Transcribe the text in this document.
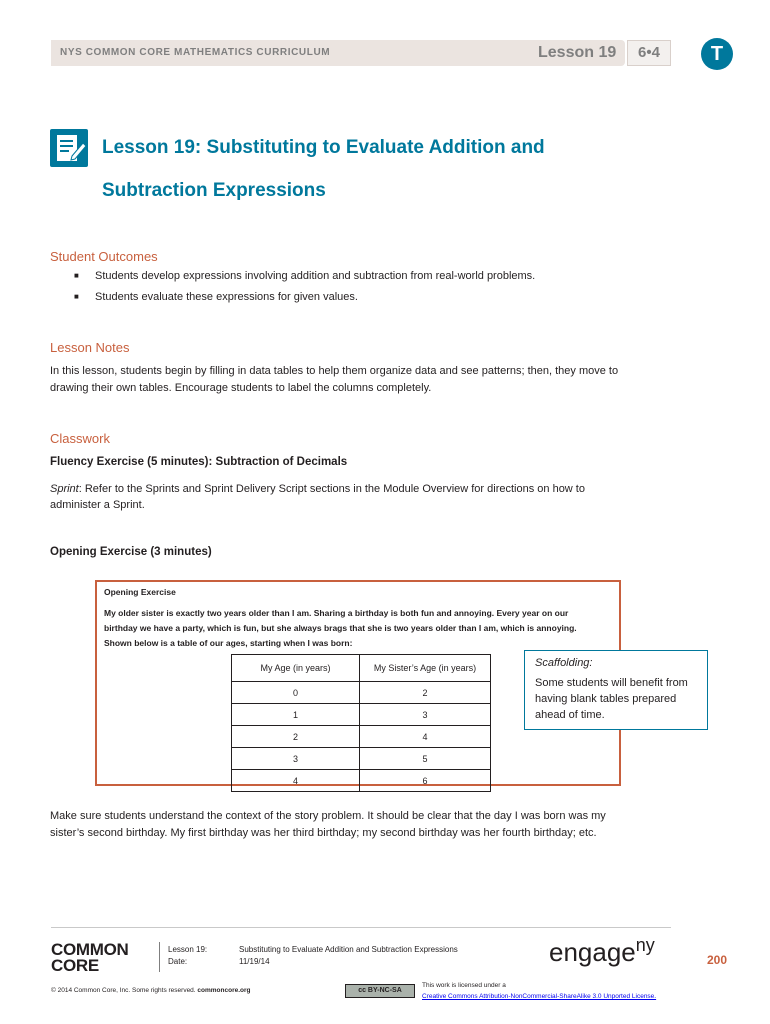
NYS COMMON CORE MATHEMATICS CURRICULUM	Lesson 19	6•4	T
Lesson 19: Substituting to Evaluate Addition and
Subtraction Expressions
Student Outcomes
■ Students develop expressions involving addition and subtraction from real-world problems.
■ Students evaluate these expressions for given values.
Lesson Notes
In this lesson, students begin by filling in data tables to help them organize data and see patterns; then, they move to
drawing their own tables. Encourage students to label the columns completely.
Classwork
Fluency Exercise (5 minutes): Subtraction of Decimals
Sprint: Refer to the Sprints and Sprint Delivery Script sections in the Module Overview for directions on how to
administer a Sprint.
Opening Exercise (3 minutes)
Opening Exercise
My older sister is exactly two years older than I am. Sharing a birthday is both fun and annoying. Every year on our
birthday we have a party, which is fun, but she always brags that she is two years older than I am, which is annoying.
Shown below is a table of our ages, starting when I was born:
My Age (in years)	My Sister’s Age (in years)
0	2
1	3
2	4
3	5
4	6
Scaffolding:
Some students will benefit from having blank tables prepared ahead of time.
Make sure students understand the context of the story problem. It should be clear that the day I was born was my
sister’s second birthday. My first birthday was her third birthday; my second birthday was her fourth birthday; etc.
COMMON
CORE
Lesson 19:
Date:
Substituting to Evaluate Addition and Subtraction Expressions
11/19/14
© 2014 Common Core, Inc. Some rights reserved. commoncore.org
engage$^{ny}$
200
cc BY-NC-SA
This work is licensed under a
Creative Commons Attribution-NonCommercial-ShareAlike 3.0 Unported License.
